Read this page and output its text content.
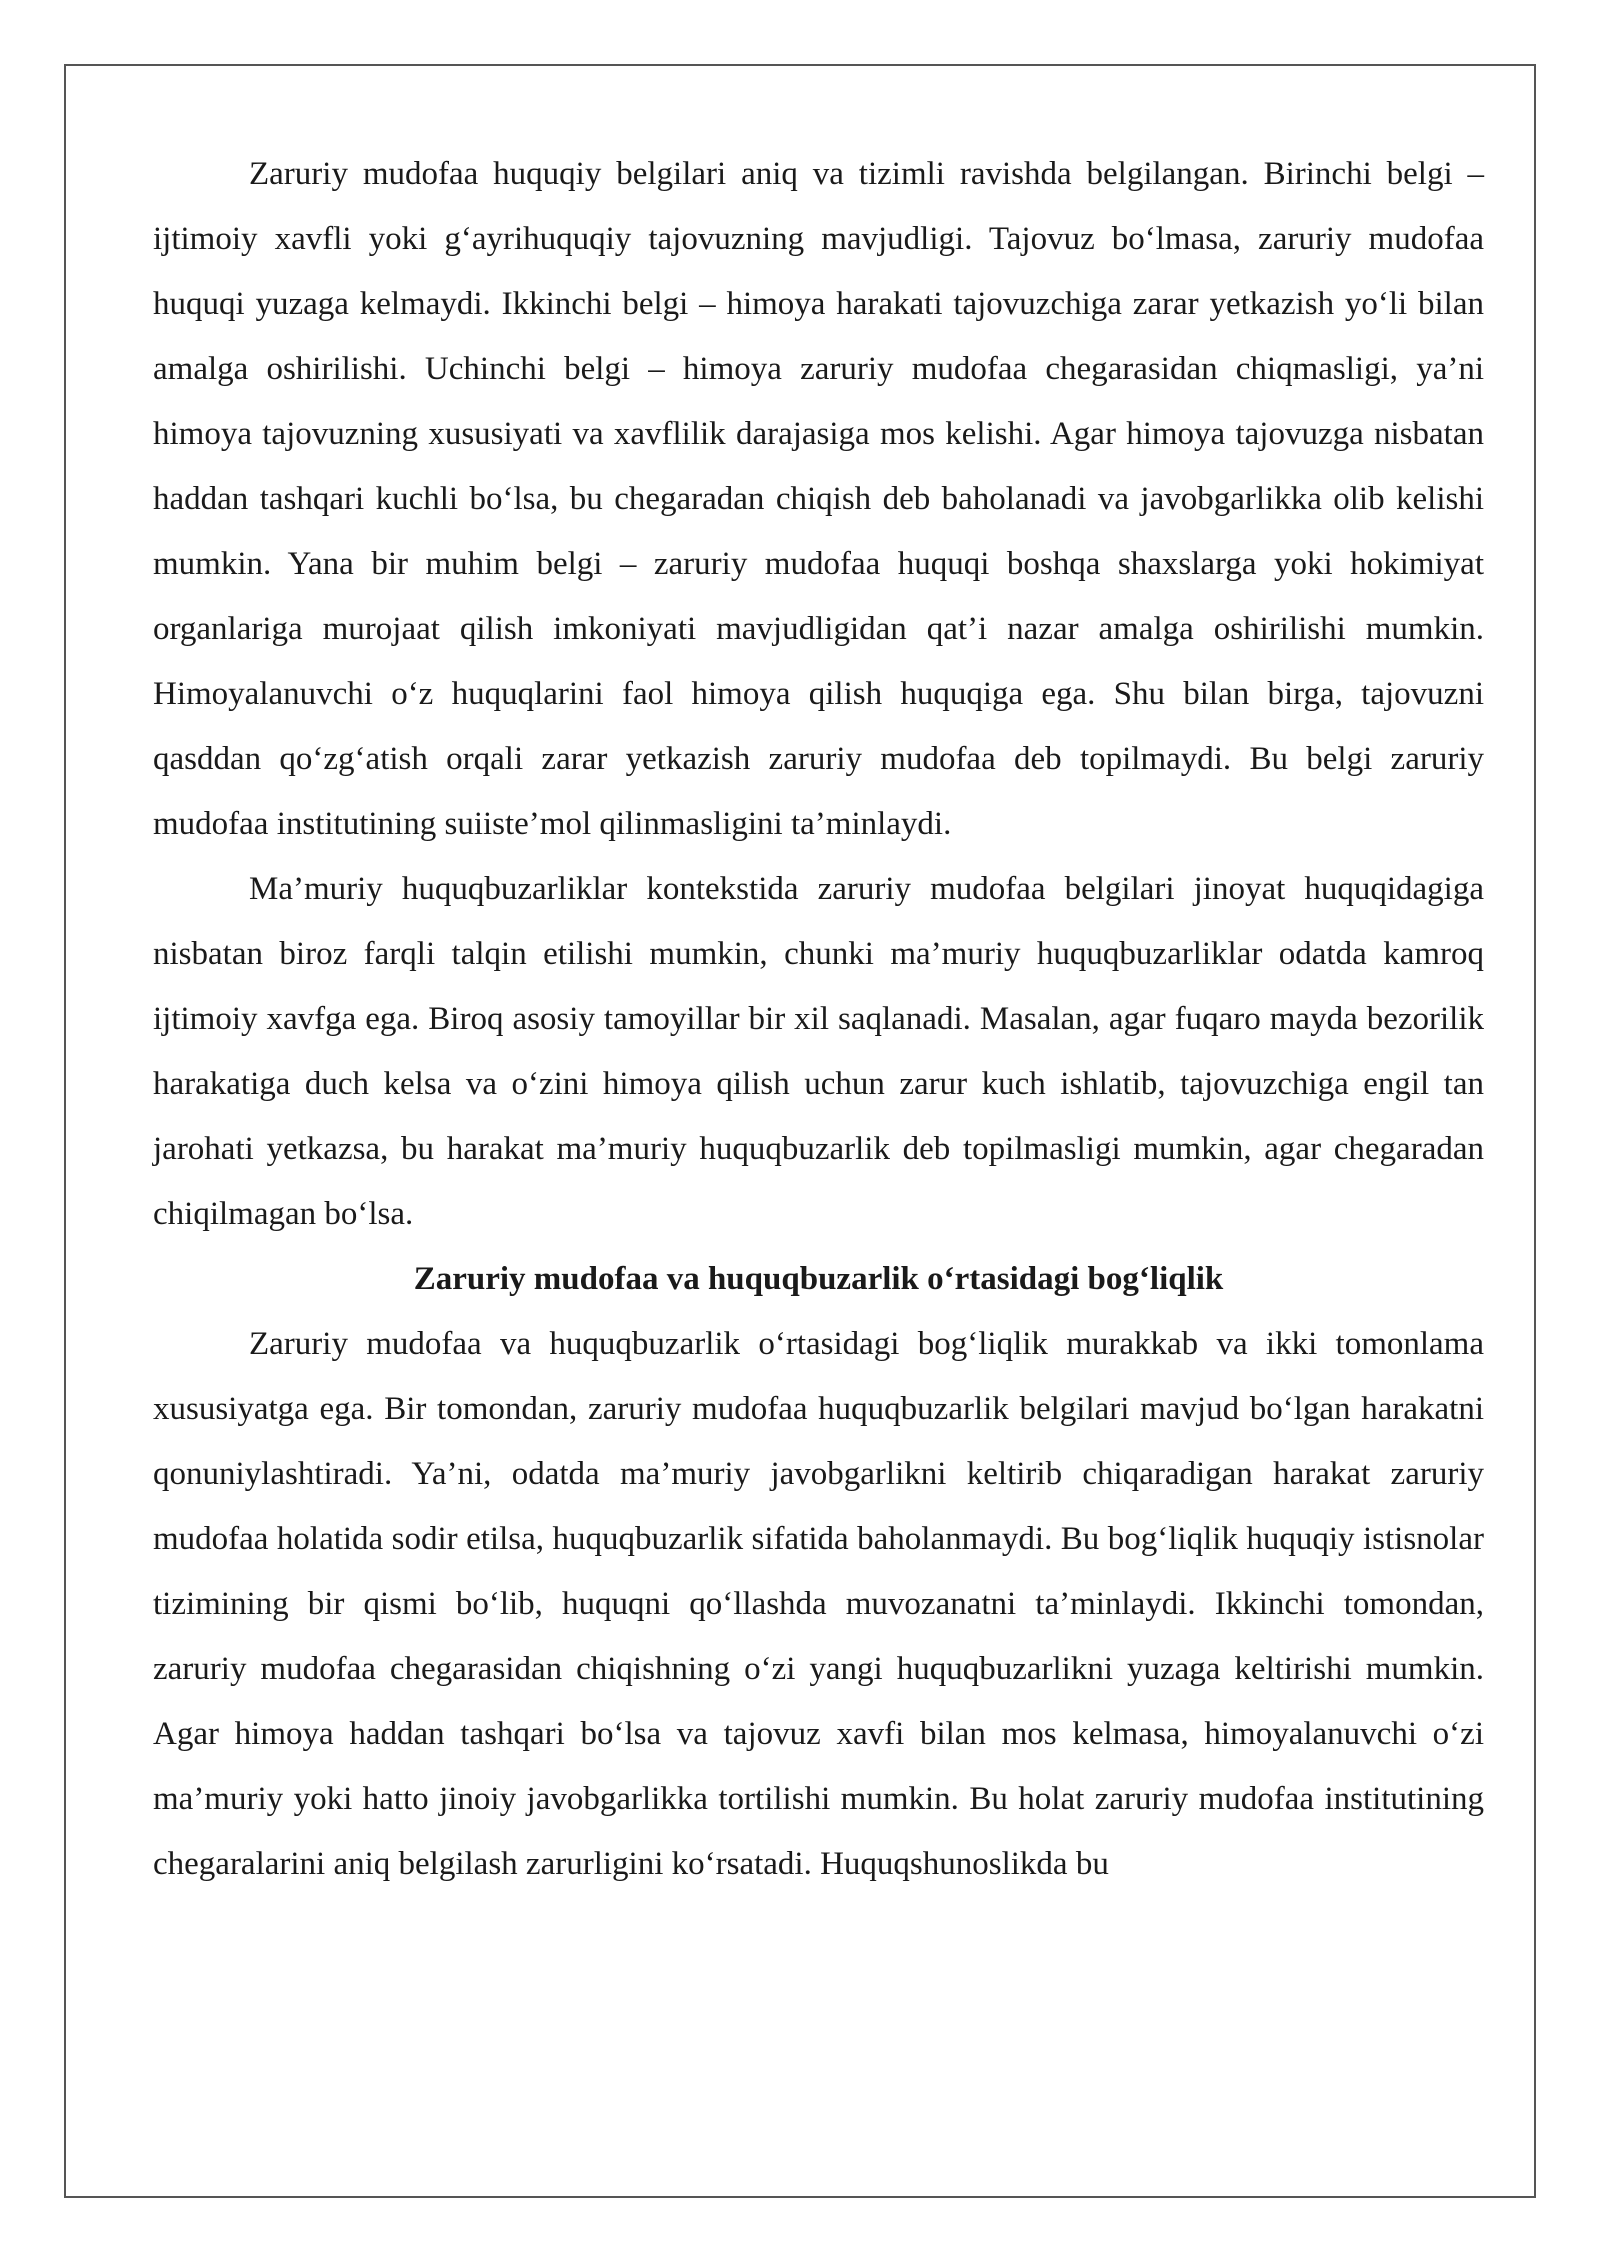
Zaruriy mudofaa huquqiy belgilari aniq va tizimli ravishda belgilangan. Birinchi belgi – ijtimoiy xavfli yoki g‘ayrihuquqiy tajovuzning mavjudligi. Tajovuz bo‘lmasa, zaruriy mudofaa huquqi yuzaga kelmaydi. Ikkinchi belgi – himoya harakati tajovuzchiga zarar yetkazish yo‘li bilan amalga oshirilishi. Uchinchi belgi – himoya zaruriy mudofaa chegarasidan chiqmasligi, ya’ni himoya tajovuzning xususiyati va xavflilik darajasiga mos kelishi. Agar himoya tajovuzga nisbatan haddan tashqari kuchli bo‘lsa, bu chegaradan chiqish deb baholanadi va javobgarlikka olib kelishi mumkin. Yana bir muhim belgi – zaruriy mudofaa huquqi boshqa shaxslarga yoki hokimiyat organlariga murojaat qilish imkoniyati mavjudligidan qat’i nazar amalga oshirilishi mumkin. Himoyalanuvchi o‘z huquqlarini faol himoya qilish huquqiga ega. Shu bilan birga, tajovuzni qasddan qo‘zg‘atish orqali zarar yetkazish zaruriy mudofaa deb topilmaydi. Bu belgi zaruriy mudofaa institutining suiiste’mol qilinmasligini ta’minlaydi.

Ma’muriy huquqbuzarliklar kontekstida zaruriy mudofaa belgilari jinoyat huquqidagiga nisbatan biroz farqli talqin etilishi mumkin, chunki ma’muriy huquqbuzarliklar odatda kamroq ijtimoiy xavfga ega. Biroq asosiy tamoyillar bir xil saqlanadi. Masalan, agar fuqaro mayda bezorilik harakatiga duch kelsa va o‘zini himoya qilish uchun zarur kuch ishlatib, tajovuzchiga engil tan jarohati yetkazsa, bu harakat ma’muriy huquqbuzarlik deb topilmasligi mumkin, agar chegaradan chiqilmagan bo‘lsa.

Zaruriy mudofaa va huquqbuzarlik o‘rtasidagi bog‘liqlik

Zaruriy mudofaa va huquqbuzarlik o‘rtasidagi bog‘liqlik murakkab va ikki tomonlama xususiyatga ega. Bir tomondan, zaruriy mudofaa huquqbuzarlik belgilari mavjud bo‘lgan harakatni qonuniylashtiradi. Ya’ni, odatda ma’muriy javobgarlikni keltirib chiqaradigan harakat zaruriy mudofaa holatida sodir etilsa, huquqbuzarlik sifatida baholanmaydi. Bu bog‘liqlik huquqiy istisnolar tizimining bir qismi bo‘lib, huquqni qo‘llashda muvozanatni ta’minlaydi. Ikkinchi tomondan, zaruriy mudofaa chegarasidan chiqishning o‘zi yangi huquqbuzarlikni yuzaga keltirishi mumkin. Agar himoya haddan tashqari bo‘lsa va tajovuz xavfi bilan mos kelmasa, himoyalanuvchi o‘zi ma’muriy yoki hatto jinoiy javobgarlikka tortilishi mumkin. Bu holat zaruriy mudofaa institutining chegaralarini aniq belgilash zarurligini ko‘rsatadi. Huquqshunoslikda bu
